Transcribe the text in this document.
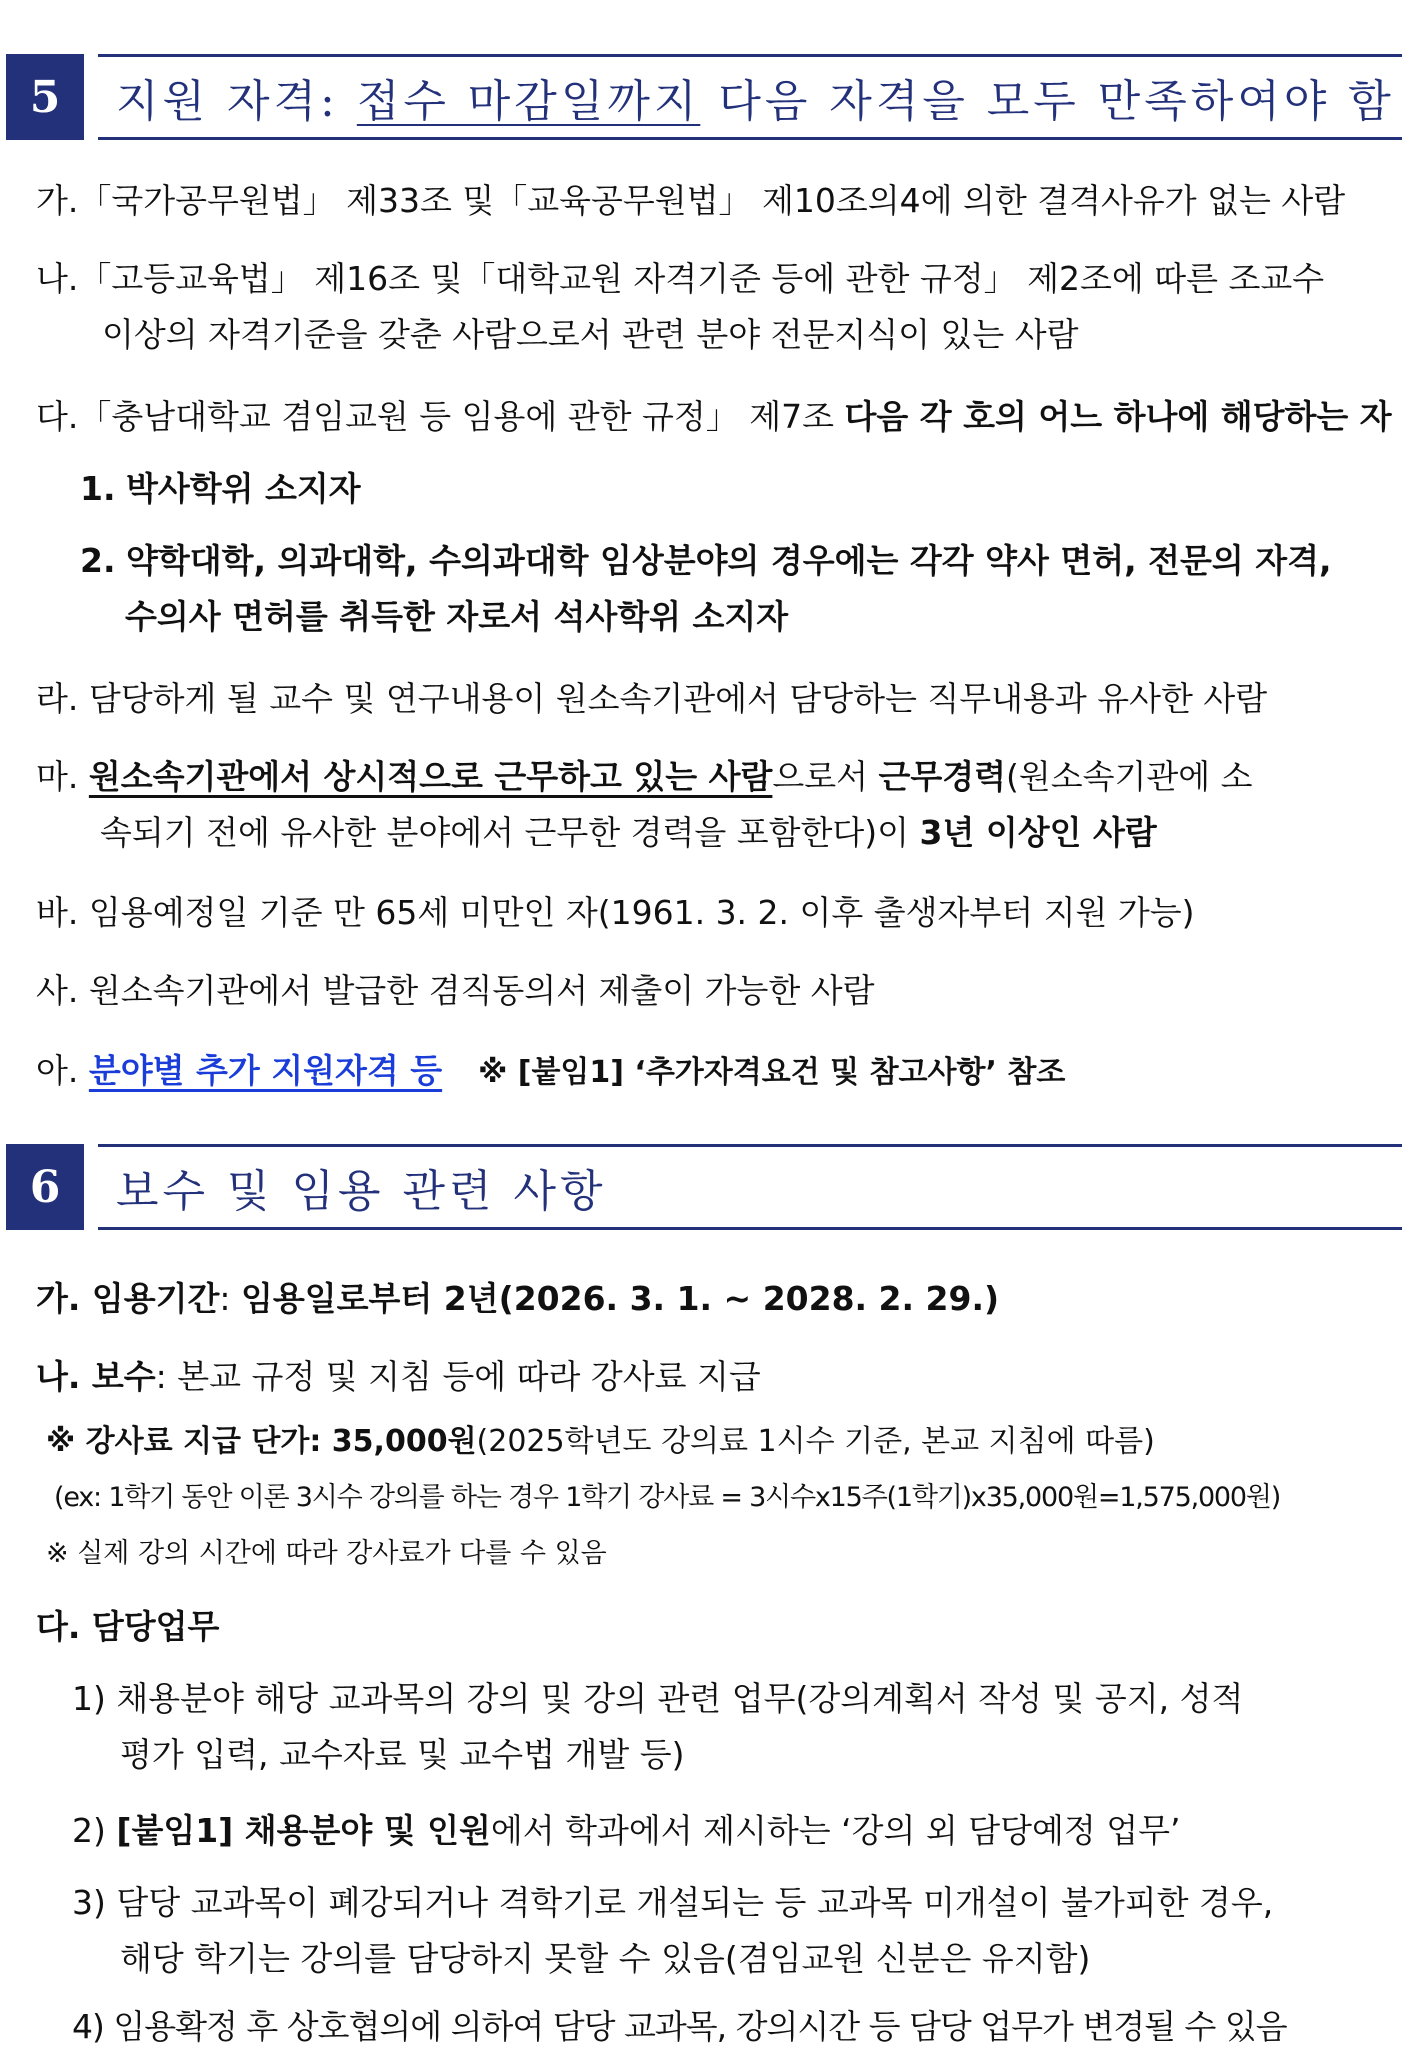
5	지원 자격: 접수 마감일까지 다음 자격을 모두 만족하여야 함
가.「국가공무원법」 제33조 및「교육공무원법」 제10조의4에 의한 결격사유가 없는 사람
나.「고등교육법」 제16조 및「대학교원 자격기준 등에 관한 규정」 제2조에 따른 조교수
이상의 자격기준을 갖춘 사람으로서 관련 분야 전문지식이 있는 사람
다.「충남대학교 겸임교원 등 임용에 관한 규정」 제7조 다음 각 호의 어느 하나에 해당하는 자
1. 박사학위 소지자
2. 약학대학, 의과대학, 수의과대학 임상분야의 경우에는 각각 약사 면허, 전문의 자격,
수의사 면허를 취득한 자로서 석사학위 소지자
라. 담당하게 될 교수 및 연구내용이 원소속기관에서 담당하는 직무내용과 유사한 사람
마. 원소속기관에서 상시적으로 근무하고 있는 사람으로서 근무경력(원소속기관에 소
속되기 전에 유사한 분야에서 근무한 경력을 포함한다)이 3년 이상인 사람
바. 임용예정일 기준 만 65세 미만인 자(1961. 3. 2. 이후 출생자부터 지원 가능)
사. 원소속기관에서 발급한 겸직동의서 제출이 가능한 사람
아. 분야별 추가 지원자격 등 ※ [붙임1] ‘추가자격요건 및 참고사항’ 참조
6	보수 및 임용 관련 사항
가. 임용기간: 임용일로부터 2년(2026. 3. 1. ~ 2028. 2. 29.)
나. 보수: 본교 규정 및 지침 등에 따라 강사료 지급
※ 강사료 지급 단가: 35,000원(2025학년도 강의료 1시수 기준, 본교 지침에 따름)
(ex: 1학기 동안 이론 3시수 강의를 하는 경우 1학기 강사료 = 3시수x15주(1학기)x35,000원=1,575,000원)
※ 실제 강의 시간에 따라 강사료가 다를 수 있음
다. 담당업무
1) 채용분야 해당 교과목의 강의 및 강의 관련 업무(강의계획서 작성 및 공지, 성적
평가 입력, 교수자료 및 교수법 개발 등)
2) [붙임1] 채용분야 및 인원에서 학과에서 제시하는 ‘강의 외 담당예정 업무’
3) 담당 교과목이 폐강되거나 격학기로 개설되는 등 교과목 미개설이 불가피한 경우,
해당 학기는 강의를 담당하지 못할 수 있음(겸임교원 신분은 유지함)
4) 임용확정 후 상호협의에 의하여 담당 교과목, 강의시간 등 담당 업무가 변경될 수 있음
